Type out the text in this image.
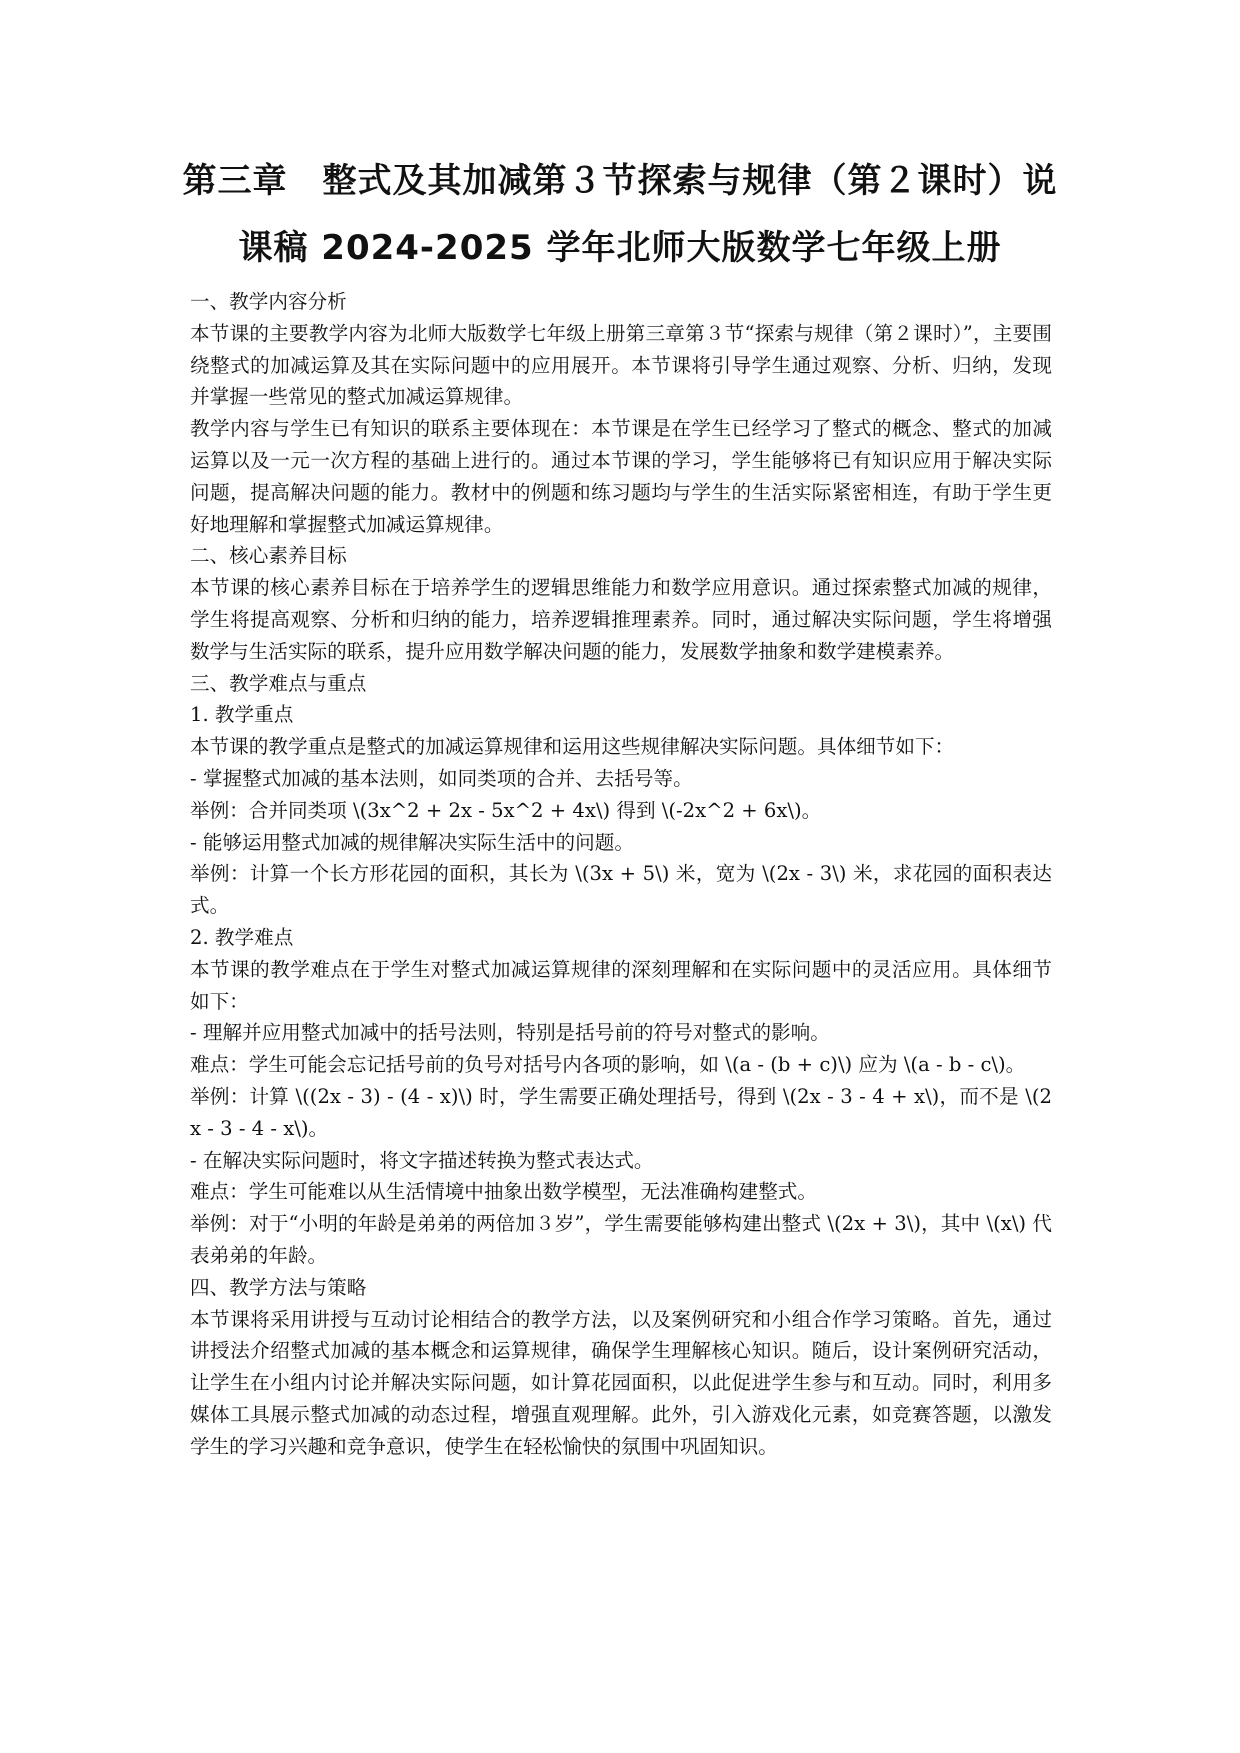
第三章　整式及其加减第３节探索与规律（第２课时）说
课稿 2024-2025 学年北师大版数学七年级上册

一、教学内容分析

本节课的主要教学内容为北师大版数学七年级上册第三章第３节“探索与规律（第２课时）”，主要围绕整式的加减运算及其在实际问题中的应用展开。本节课将引导学生通过观察、分析、归纳，发现并掌握一些常见的整式加减运算规律。

教学内容与学生已有知识的联系主要体现在：本节课是在学生已经学习了整式的概念、整式的加减运算以及一元一次方程的基础上进行的。通过本节课的学习，学生能够将已有知识应用于解决实际问题，提高解决问题的能力。教材中的例题和练习题均与学生的生活实际紧密相连，有助于学生更好地理解和掌握整式加减运算规律。

二、核心素养目标

本节课的核心素养目标在于培养学生的逻辑思维能力和数学应用意识。通过探索整式加减的规律，学生将提高观察、分析和归纳的能力，培养逻辑推理素养。同时，通过解决实际问题，学生将增强数学与生活实际的联系，提升应用数学解决问题的能力，发展数学抽象和数学建模素养。

三、教学难点与重点

1. 教学重点

本节课的教学重点是整式的加减运算规律和运用这些规律解决实际问题。具体细节如下：

- 掌握整式加减的基本法则，如同类项的合并、去括号等。

举例：合并同类项 \(3x^2 + 2x - 5x^2 + 4x\) 得到 \(-2x^2 + 6x\)。

- 能够运用整式加减的规律解决实际生活中的问题。

举例：计算一个长方形花园的面积，其长为 \(3x + 5\) 米，宽为 \(2x - 3\) 米，求花园的面积表达式。

2. 教学难点

本节课的教学难点在于学生对整式加减运算规律的深刻理解和在实际问题中的灵活应用。具体细节如下：

- 理解并应用整式加减中的括号法则，特别是括号前的符号对整式的影响。

难点：学生可能会忘记括号前的负号对括号内各项的影响，如 \(a - (b + c)\) 应为 \(a - b - c\)。

举例：计算 \((2x - 3) - (4 - x)\) 时，学生需要正确处理括号，得到 \(2x - 3 - 4 + x\)，而不是 \(2x - 3 - 4 - x\)。

- 在解决实际问题时，将文字描述转换为整式表达式。

难点：学生可能难以从生活情境中抽象出数学模型，无法准确构建整式。

举例：对于“小明的年龄是弟弟的两倍加３岁”，学生需要能够构建出整式 \(2x + 3\)，其中 \(x\) 代表弟弟的年龄。

四、教学方法与策略

本节课将采用讲授与互动讨论相结合的教学方法，以及案例研究和小组合作学习策略。首先，通过讲授法介绍整式加减的基本概念和运算规律，确保学生理解核心知识。随后，设计案例研究活动，让学生在小组内讨论并解决实际问题，如计算花园面积，以此促进学生参与和互动。同时，利用多媒体工具展示整式加减的动态过程，增强直观理解。此外，引入游戏化元素，如竞赛答题，以激发学生的学习兴趣和竞争意识，使学生在轻松愉快的氛围中巩固知识。
